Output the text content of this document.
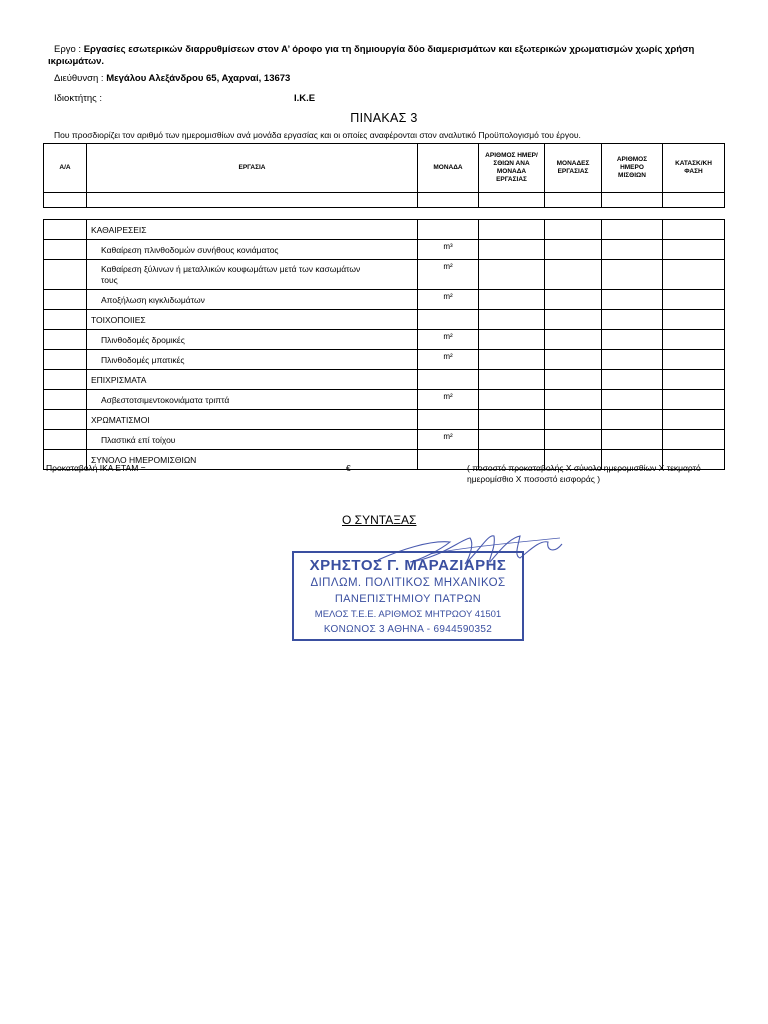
Εργο : Εργασίες εσωτερικών διαρρυθμίσεων στον Α’ όροφο για τη δημιουργία δύο διαμερισμάτων και εξωτερικών χρωματισμών χωρίς χρήση ικριωμάτων.
Διεύθυνση : Μεγάλου Αλεξάνδρου 65, Αχαρναί, 13673
Ιδιοκτήτης :	Ι.Κ.Ε
ΠΙΝΑΚΑΣ 3
Που προσδιορίζει τον αριθμό των ημερομισθίων ανά μονάδα εργασίας και οι οποίες αναφέρονται στον αναλυτικό Προϋπολογισμό του έργου.
Α/Α	ΕΡΓΑΣΙΑ	ΜΟΝΑΔΑ	ΑΡΙΘΜΟΣ ΗΜΕΡ/ΣΘΙΩΝ ΑΝΑ ΜΟΝΑΔΑ ΕΡΓΑΣΙΑΣ	ΜΟΝΑΔΕΣ ΕΡΓΑΣΙΑΣ	ΑΡΙΘΜΟΣ ΗΜΕΡΟ ΜΙΣΘΙΩΝ	ΚΑΤΑΣΚ/ΚΗ ΦΑΣΗ

	ΚΑΘΑΙΡΕΣΕΙΣ					
	Καθαίρεση πλινθοδομών συνήθους κονιάματος	m³				
	Καθαίρεση ξύλινων ή μεταλλικών κουφωμάτων μετά των κασωμάτων τους	m²				
	Αποξήλωση κιγκλιδωμάτων	m²				
	ΤΟΙΧΟΠΟΙΙΕΣ					
	Πλινθοδομές δρομικές	m²				
	Πλινθοδομές μπατικές	m²				
	ΕΠΙΧΡΙΣΜΑΤΑ					
	Ασβεστοτσιμεντοκονιάματα τριπτά	m²				
	ΧΡΩΜΑΤΙΣΜΟΙ					
	Πλαστικά επί τοίχου	m²				
	ΣΥΝΟΛΟ ΗΜΕΡΟΜΙΣΘΙΩΝ					
Προκαταβολή ΙΚΑ ΕΤΑΜ =	€	( ποσοστό προκαταβολής Χ σύνολο ημερομισθίων Χ τεκμαρτό ημερομίσθιο Χ ποσοστό εισφοράς )
Ο ΣΥΝΤΑΞΑΣ
ΧΡΗΣΤΟΣ Γ. ΜΑΡΑΖΙΑΡΗΣ
ΔΙΠΛΩΜ. ΠΟΛΙΤΙΚΟΣ ΜΗΧΑΝΙΚΟΣ
ΠΑΝΕΠΙΣΤΗΜΙΟΥ ΠΑΤΡΩΝ
ΜΕΛΟΣ Τ.Ε.Ε. ΑΡΙΘΜΟΣ ΜΗΤΡΩΟΥ 41501
ΚΟΝΩΝΟΣ 3 ΑΘΗΝΑ - 6944590352
